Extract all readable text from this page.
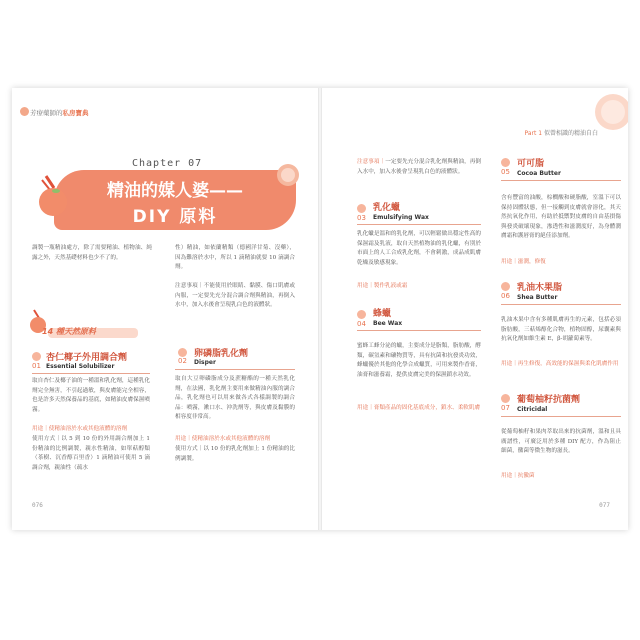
芳療藥師的私房寶典
Chapter 07
精油的媒人婆——
DIY 原料
調製一瓶精油處方，除了需要精油、植物油、純露之外，天然基礎材料也少不了的。
14 種天然原料
01
杏仁椰子外用調合劑
Essential Solubilizer
取自杏仁及椰子油的一種溫和乳化劑，這種乳化劑完全無害，不引起過敏，與皮膚能完全相容，也是許多天然保養品的基底，如精油皮膚保濕噴霧。
用途｜使精油溶於水或其他液體的溶劑
使用方式｜以 5 到 10 份的外用調合劑加上 1 份精油的比例調製，親水性精油，如單萜醇類（茶樹、沉香醇百里香）1 滴精油可使用 5 滴調合劑，親油性（疏水
性）精油，如依蘭精類（德國洋甘菊、沒藥），因為難溶於水中，所以 1 滴精油就要 10 滴調合劑。
注意事項｜不能使用於眼睛、黏膜、傷口肌膚或內服，一定要先充分混合調合劑與精油，再倒入水中，加入水後會呈現乳白色的液體狀。
02
卵磷脂乳化劑
Disper
取自大豆卵磷脂成分及蔗糖酯的一種天然乳化劑，在法國，乳化劑主要用來做精油內服的調合品，乳化劑也可以用來做各式各樣調製的調合品：噴霧，漱口水、沖洗劑等，與皮膚及黏膜的相容度非常高。
用途｜使精油溶於水或其他液體的溶劑
使用方式｜以 10 份的乳化劑加上 1 份精油的比例調製。
076
Part 1 似曾相識的精油自白
注意事項｜一定要先充分混合乳化劑與精油，再倒入水中，加入水後會呈現乳白色的液體狀。
03
乳化蠟
Emulsifying Wax
乳化蠟是溫和的乳化劑，可以輕鬆做出穩定性高的保濕霜及乳液，取自天然植物油的乳化蠟，有別於市面上的人工合成乳化劑，不會刺激，成品成肌膚乾燥及敏感現象。
用途｜製作乳液或霜
04
蜂蠟
Bee Wax
蜜蜂工蜂分泌的蠟，主要成分是脂類，脂肪酸，酵類，碳氫素和礦物質等，具有抗菌和抗發炎功效，蜂蠟優於其他的化學合成蠟質，可用來製作香膏，油膏和滋養霜，提供皮膚完美的保濕鎖水功效。
用途｜膏類產品的固化基底成分，鎖水、柔軟肌膚
05
可可脂
Cocoa Butter
含有豐富的油酸，棕櫚酸和硬脂酸，室溫下可以保持固體狀態，但一接觸到皮膚就會溶化，其天然抗氧化作用，有助於抵禦對皮膚的自由基損傷與發炎破壞現象，滲透性和滋潤度好，為身體潤膚霜和護唇膏的絕佳添加劑。
用途｜滋潤，修復
06
乳油木果脂
Shea Butter
乳油木果中含有多種肌膚再生的元素，包括必須脂肪酸，三萜烯醇化合物，植物固醇，尿囊素與抗氧化劑如維生素 E，β-胡蘿蔔素等。
用途｜再生修復，高效能的保濕與柔化肌膚作用
07
葡萄柚籽抗菌劑
Citricidal
從葡萄柚籽和果肉萃取出來的抗菌劑，溫和且具廣譜性，可廣泛用於多種 DIY 配方，作為阻止細菌，黴菌等微生物的滋長。
用途｜抗黴菌
077
